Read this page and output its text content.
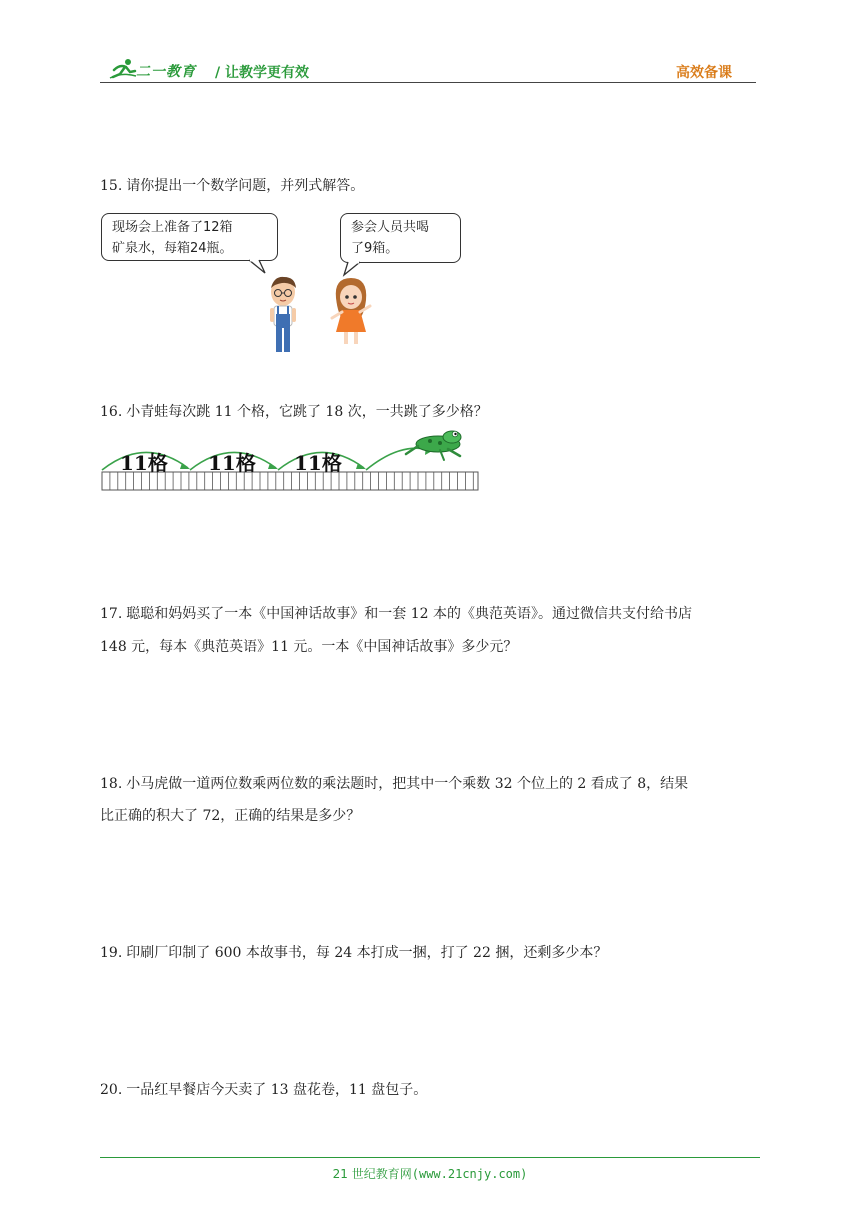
二一教育 / 让教学更有效	高效备课
15. 请你提出一个数学问题，并列式解答。
现场会上准备了12箱
矿泉水，每箱24瓶。
参会人员共喝
了9箱。
16. 小青蛙每次跳 11 个格，它跳了 18 次，一共跳了多少格？
11格 11格 11格
17. 聪聪和妈妈买了一本《中国神话故事》和一套 12 本的《典范英语》。通过微信共支付给书店
148 元，每本《典范英语》11 元。一本《中国神话故事》多少元？
18. 小马虎做一道两位数乘两位数的乘法题时，把其中一个乘数 32 个位上的 2 看成了 8，结果
比正确的积大了 72，正确的结果是多少？
19. 印刷厂印制了 600 本故事书，每 24 本打成一捆，打了 22 捆，还剩多少本？
20. 一品红早餐店今天卖了 13 盘花卷，11 盘包子。
21 世纪教育网(www.21cnjy.com)
